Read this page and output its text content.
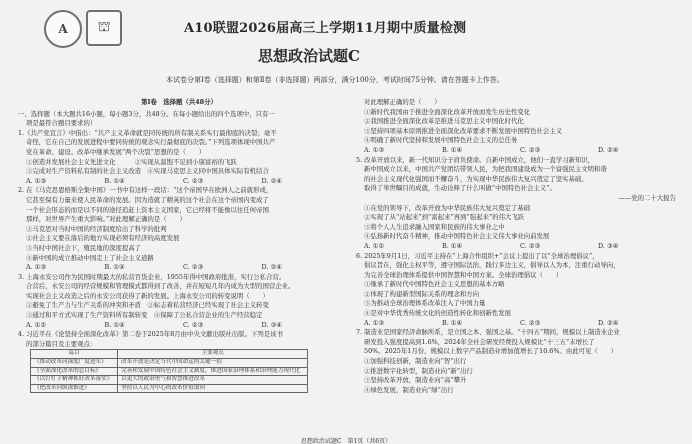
A	⛫	A10联盟2026届高三上学期11月期中质量检测
思想政治试题C
本试卷分第Ⅰ卷（选择题）和第Ⅱ卷（非选择题）两部分，满分100分，考试时间75分钟。请在答题卡上作答。
第Ⅰ卷　选择题（共48分）
一、选择题（本大题共16小题，每小题3分，共48分。在每小题给出的四个选项中，只有一
项是最符合题目要求的）
1.《共产党宣言》中指出：“共产主义革命就是同传统的所有制关系实行最彻底的决裂；毫不
奇怪，它在自己的发展进程中要同传统的观念实行最彻底的决裂。”下列选项体现中国共产
党在革命、建设、改革中继承发展“两个决裂”思想的是（　　）
①创造并发展社会主义先进文化　　　②实现从温饱不足到小康富裕的飞跃
③完成对生产资料私有制的社会主义改造　④实现马克思主义同中国具体实际有机结合
A. ①③	B. ①④	C. ②③	D. ②④
2. 在《马克思恩格斯全集中国》一书中有这样一段话：“这个帝国早在欧洲人之前就形成，
它甚至保有力量来使人民革命的发展。因为造就了精英的这个社会在这个帝国内变成了
一个社会形态的而是以不同的途径追赶上资本主义国家，它已经将不能像以往任何帝国
那样，对世界产生重大影响。”对此理解正确的是（　　）
①马克思对当时中国的经济制度给出了科学的批判
②社会主义要在落后的地方实现必须有经济的高度发展
③当时中国社会下，殖民地的深度提高了
④新中国的成立推动中国走上了社会主义道路
A. ①③	B. ①④	C. ②③	D. ②④
3. 上海永安公司作为民国时期最大的私营百货企业，1955年得中国政府批准，实行公私合营。
合营后，永安公司的经营规模和管理模式都得到了改善，并在短短几年内成为大型的国营企业。
实现社会主义改造之后的永安公司获得了新的发展。上海永安公司的转变说明（　　）
①避免了生产力与生产关系的冲突和矛盾　②标志着私营经济已经实现了社会主义转变
③通过和平方式实现了生产资料所有制转变　④保障了公私合营企业的生产经营稳定
A. ①②	B. ①④	C. ②③	D. ③④
4. 习近平在《论坚持全面深化改革》第二卷于2025年8月由中央文献出版社出版。下列是该书
的部分篇目及主要观点：
篇目	主要观点
《推动改革向深度广度进军》	改革开放是决定当代中国命运的关键一招
《全面深化改革的总目标》	完善和发展中国特色社会主义制度，推进国家治理体系和治理能力现代化
《以钉钉子精神抓好改革落实》	以更大的政治勇气和智慧推进改革
《把改革向纵深推进》	坚持以人民为中心的改革价值取向
对此理解正确的是（　　）
①新时代我国由于推进全面深化改革开放而发生历史性变化
②我国推进全面深化改革是推进马克思主义中国化时代化
③坚持四项基本原则推进全面深化改革要求不断发展中国特色社会主义
④明确了新时代坚持和发展中国特色社会主义的总任务
A. ①③	B. ①④	C. ②③	D. ②④
5. 改革开放以来，新一代知识分子肩负使命。自新中国成立，他们一直学习新知识，
新中国成立以来，中国共产党团结带领人民，为把我国建设成为一个富强民主文明和谐
的社会主义现代化强国而不懈奋斗，为实现中华民族伟大复兴奠定了坚实基础。
取得了举世瞩目的成就，生动诠释了什么叫做“中国特色社会主义”。
——党的二十大报告
①在党的领导下，改革开放为中华民族伟大复兴奠定了基础
②实现了从“站起来”到“富起来”再到“强起来”的伟大飞跃
③将个人人生追求融入国家和民族的伟大事业之中
④弘扬新时代奋斗精神，推动中国特色社会主义伟大事业向前发展
A. ①②	B. ①④	C. ②③	D. ③④
6. 2025年9月1日，习近平主持在“上海合作组织+”会议上提出了以“全球治理倡议”，
倡议旨在，强化主权平等，遵守国际法治，践行多边主义，倡导以人为本，注重行动导向，
为完善全球治理体系提供中国智慧和中国方案。全球治理倡议（　　）
①继承了新时代中国特色社会主义思想的基本方略
②体现了构建新型国际关系的理念和方向
③为推动全球治理体系改革注入了中国力量
④是对中华优秀传统文化的创造性转化和创新性发展
A. ①③	B. ①④	C. ②③	D. ②④
7. 制造业是国家经济命脉所系，是立国之本、强国之基。“十四五”期间，规模以上制造业企业
研发投入强度提高到1.6%，2024年全社会研发经费投入规模比“十三五”末增长了
50%。2025年1月份，规模以上数字产品制造业增加值增长了10.6%。由此可见（　　）
①加强科技创新，制造业向“智”出行
②推进数字化转型，制造业向“新”出行
③坚持改革开放，制造业向“高”攀升
④绿色发展，制造业向“绿”出行
思想政治试题C　第1页（共6页）
